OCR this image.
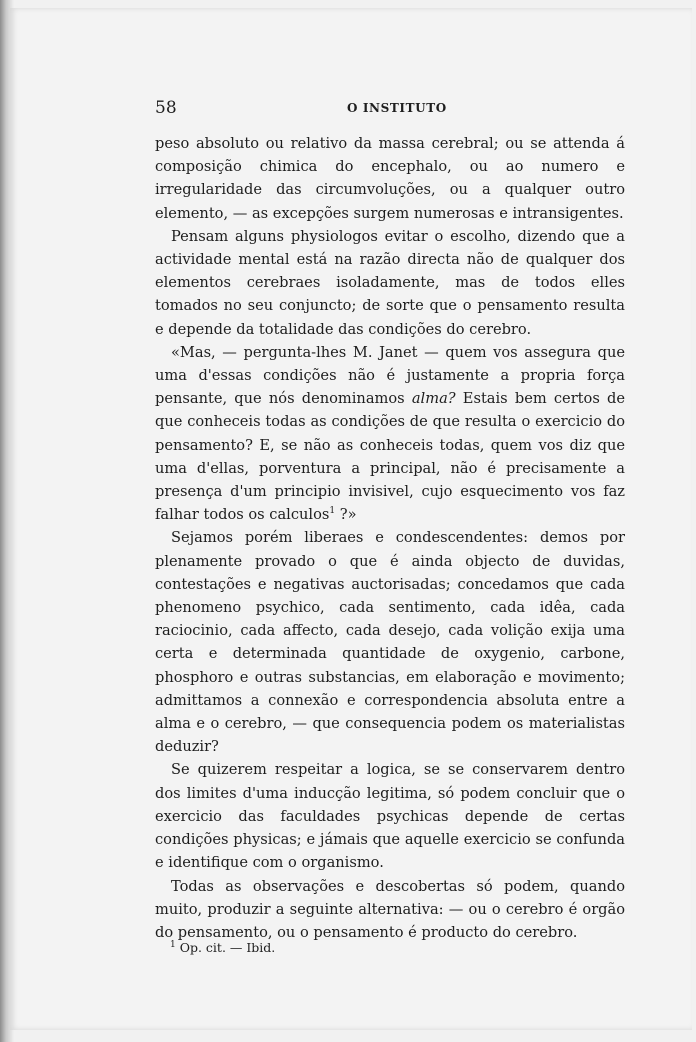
58	O INSTITUTO

peso absoluto ou relativo da massa cerebral; ou se attenda á composição chimica do encephalo, ou ao numero e irregularidade das circumvoluções, ou a qualquer outro elemento, — as excepções surgem numerosas e intransigentes.

Pensam alguns physiologos evitar o escolho, dizendo que a actividade mental está na razão directa não de qualquer dos elementos cerebraes isoladamente, mas de todos elles tomados no seu conjuncto; de sorte que o pensamento resulta e depende da totalidade das condições do cerebro.

«Mas, — pergunta-lhes M. Janet — quem vos assegura que uma d'essas condições não é justamente a propria força pensante, que nós denominamos alma? Estais bem certos de que conheceis todas as condições de que resulta o exercicio do pensamento? E, se não as conheceis todas, quem vos diz que uma d'ellas, porventura a principal, não é precisamente a presença d'um principio invisivel, cujo esquecimento vos faz falhar todos os calculos$^1$ ?»

Sejamos porém liberaes e condescendentes: demos por plenamente provado o que é ainda objecto de duvidas, contestações e negativas auctorisadas; concedamos que cada phenomeno psychico, cada sentimento, cada idêa, cada raciocinio, cada affecto, cada desejo, cada volição exija uma certa e determinada quantidade de oxygenio, carbone, phosphoro e outras substancias, em elaboração e movimento; admittamos a connexão e correspondencia absoluta entre a alma e o cerebro, — que consequencia podem os materialistas deduzir?

Se quizerem respeitar a logica, se se conservarem dentro dos limites d'uma inducção legitima, só podem concluir que o exercicio das faculdades psychicas depende de certas condições physicas; e jámais que aquelle exercicio se confunda e identifique com o organismo.

Todas as observações e descobertas só podem, quando muito, produzir a seguinte alternativa: — ou o cerebro é orgão do pensamento, ou o pensamento é producto do cerebro.

$^1$ Op. cit. — Ibid.
